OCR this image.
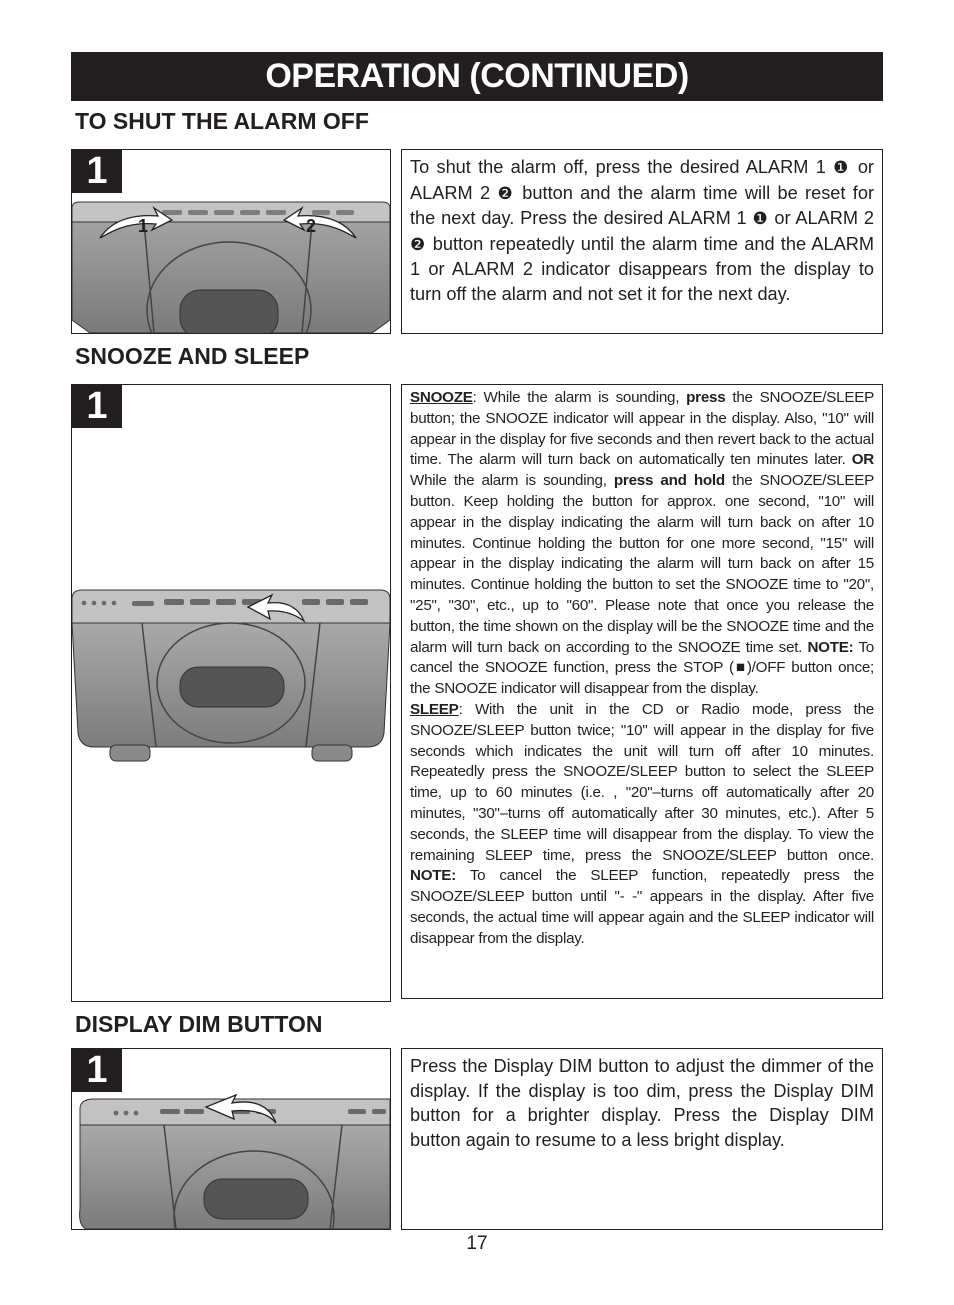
OPERATION (CONTINUED)
TO SHUT THE ALARM OFF
1	2
1	To shut the alarm off, press the desired ALARM 1 ❶ or ALARM 2 ❷ button and the alarm time will be reset for the next day. Press the desired ALARM 1 ❶ or ALARM 2 ❷ button repeatedly until the alarm time and the ALARM 1 or ALARM 2 indicator disappears from the display to turn off the alarm and not set it for the next day.

SNOOZE AND SLEEP
1	SNOOZE: While the alarm is sounding, press the SNOOZE/SLEEP button; the SNOOZE indicator will appear in the display. Also, "10" will appear in the display for five seconds and then revert back to the actual time. The alarm will turn back on automatically ten minutes later. OR While the alarm is sounding, press and hold the SNOOZE/SLEEP button. Keep holding the button for approx. one second, "10" will appear in the display indicating the alarm will turn back on after 10 minutes. Continue holding the button for one more second, "15" will appear in the display indicating the alarm will turn back on after 15 minutes. Continue holding the button to set the SNOOZE time to "20", "25", "30", etc., up to "60". Please note that once you release the button, the time shown on the display will be the SNOOZE time and the alarm will turn back on according to the SNOOZE time set. NOTE: To cancel the SNOOZE function, press the STOP (■)/OFF button once; the SNOOZE indicator will disappear from the display.

SLEEP: With the unit in the CD or Radio mode, press the SNOOZE/SLEEP button twice; "10" will appear in the display for five seconds which indicates the unit will turn off after 10 minutes. Repeatedly press the SNOOZE/SLEEP button to select the SLEEP time, up to 60 minutes (i.e. , "20"–turns off automatically after 20 minutes, "30"–turns off automatically after 30 minutes, etc.). After 5 seconds, the SLEEP time will disappear from the display. To view the remaining SLEEP time, press the SNOOZE/SLEEP button once. NOTE: To cancel the SLEEP function, repeatedly press the SNOOZE/SLEEP button until "- -" appears in the display. After five seconds, the actual time will appear again and the SLEEP indicator will disappear from the display.

DISPLAY DIM BUTTON
1	Press the Display DIM button to adjust the dimmer of the display. If the display is too dim, press the Display DIM button for a brighter display. Press the Display DIM button again to resume to a less bright display.

17
